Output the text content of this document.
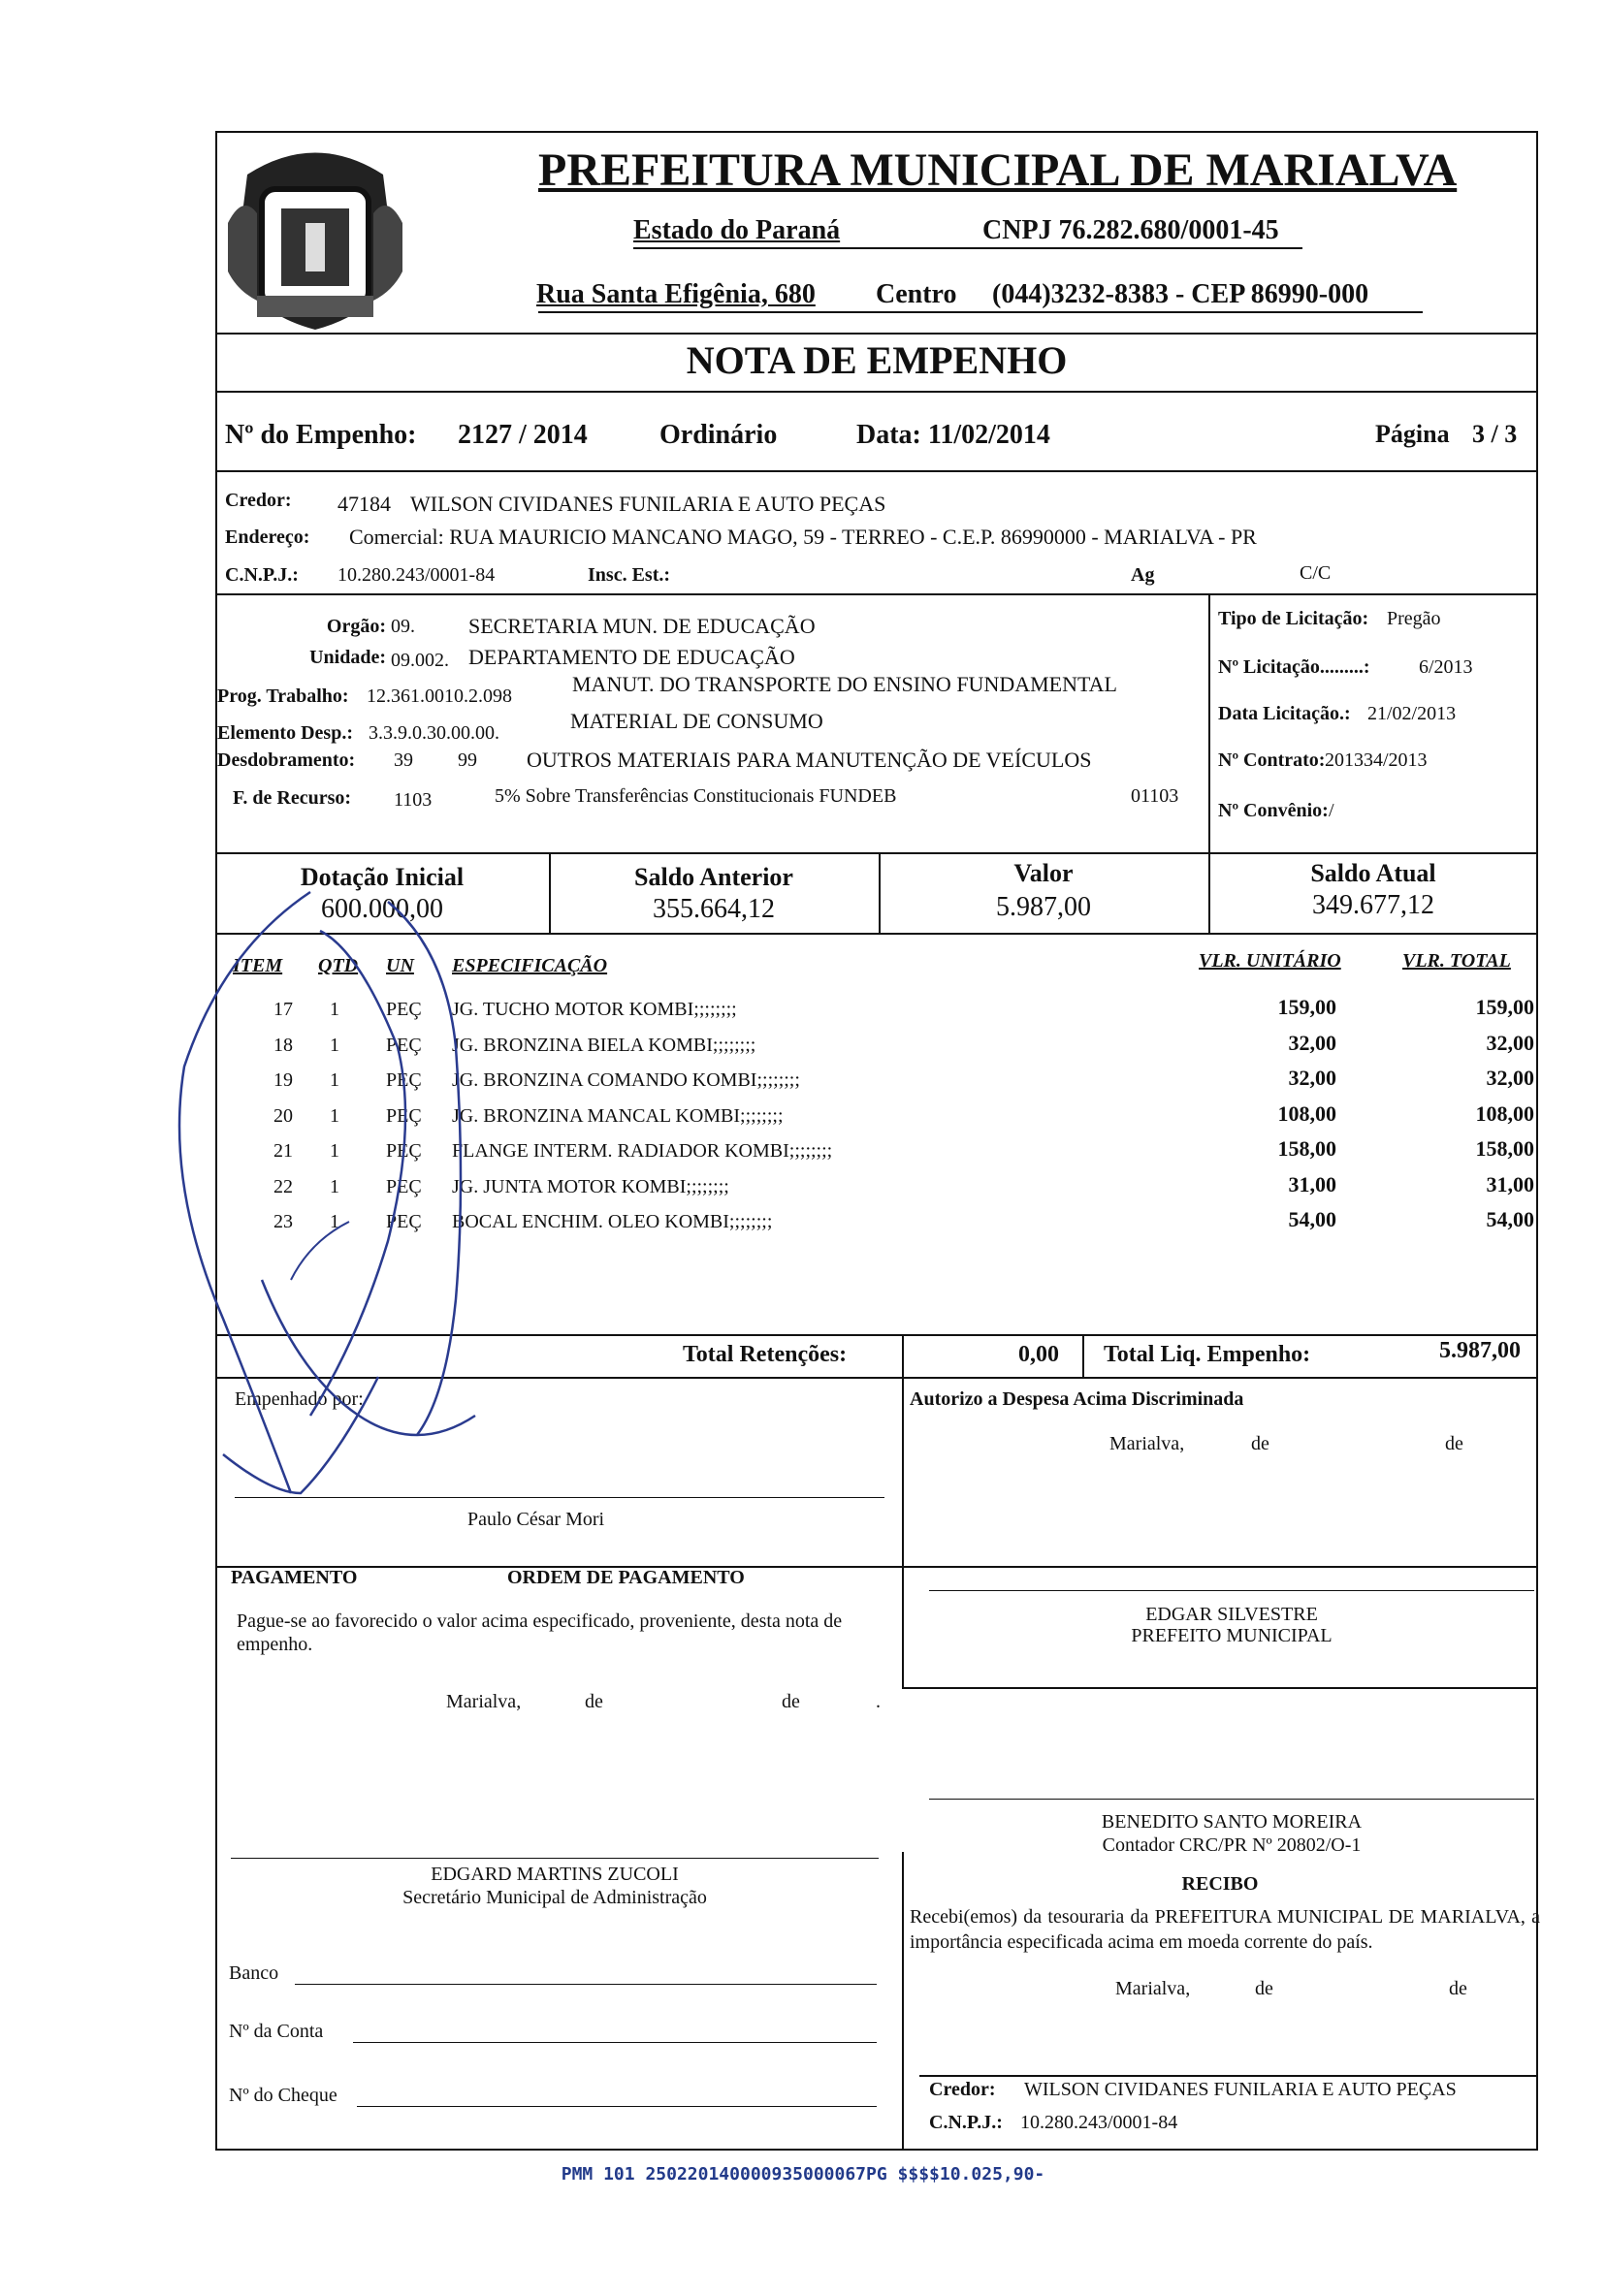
PREFEITURA MUNICIPAL DE MARIALVA
Estado do Paraná	CNPJ 76.282.680/0001-45
Rua Santa Efigênia, 680 Centro (044)3232-8383 - CEP 86990-000
NOTA DE EMPENHO
Nº do Empenho: 2127 / 2014	Ordinário	Data: 11/02/2014	Página 3 / 3
Credor: 47184 WILSON CIVIDANES FUNILARIA E AUTO PEÇAS
Endereço: Comercial: RUA MAURICIO MANCANO MAGO, 59 - TERREO - C.E.P. 86990000 - MARIALVA - PR
C.N.P.J.: 10.280.243/0001-84	Insc. Est.:	Ag	C/C
Orgão: 09.	SECRETARIA MUN. DE EDUCAÇÃO
Unidade: 09.002. DEPARTAMENTO DE EDUCAÇÃO
Prog. Trabalho: 12.361.0010.2.098	MANUT. DO TRANSPORTE DO ENSINO FUNDAMENTAL
Elemento Desp.: 3.3.9.0.30.00.00.	MATERIAL DE CONSUMO
Desdobramento: 39 99 OUTROS MATERIAIS PARA MANUTENÇÃO DE VEÍCULOS
F. de Recurso: 1103	5% Sobre Transferências Constitucionais FUNDEB	01103
Tipo de Licitação: Pregão
Nº Licitação.........:	6/2013
Data Licitação.: 21/02/2013
Nº Contrato: 201334/2013
Nº Convênio: /
Dotação Inicial
600.000,00
Saldo Anterior
355.664,12
Valor
5.987,00
Saldo Atual
349.677,12
ITEM QTD UN ESPECIFICAÇÃO	VLR. UNITÁRIO	VLR. TOTAL
17 1 PEÇ JG. TUCHO MOTOR KOMBI;;;;;;;;	159,00	159,00
18 1 PEÇ JG. BRONZINA BIELA KOMBI;;;;;;;;	32,00	32,00
19 1 PEÇ JG. BRONZINA COMANDO KOMBI;;;;;;;;	32,00	32,00
20 1 PEÇ JG. BRONZINA MANCAL KOMBI;;;;;;;;	108,00	108,00
21 1 PEÇ FLANGE INTERM. RADIADOR KOMBI;;;;;;;;	158,00	158,00
22 1 PEÇ JG. JUNTA MOTOR KOMBI;;;;;;;;	31,00	31,00
23 1 PEÇ BOCAL ENCHIM. OLEO KOMBI;;;;;;;;	54,00	54,00
Total Retenções:	0,00 Total Liq. Empenho:	5.987,00
Empenhado por:
Paulo César Mori
Autorizo a Despesa Acima Discriminada
Marialva,	de	de
PAGAMENTO	ORDEM DE PAGAMENTO
Pague-se ao favorecido o valor acima especificado, proveniente, desta nota de empenho.
Marialva,	de	de	.
EDGAR SILVESTRE
PREFEITO MUNICIPAL
BENEDITO SANTO MOREIRA
Contador CRC/PR Nº 20802/O-1
EDGARD MARTINS ZUCOLI
Secretário Municipal de Administração
RECIBO
Recebi(emos) da tesouraria da PREFEITURA MUNICIPAL DE MARIALVA, a importância especificada acima em moeda corrente do país.
Marialva,	de	de
Credor: WILSON CIVIDANES FUNILARIA E AUTO PEÇAS
C.N.P.J.: 10.280.243/0001-84
Banco
Nº da Conta
Nº do Cheque
PMM 101 250220140000935000067PG $$$$10.025,90-
